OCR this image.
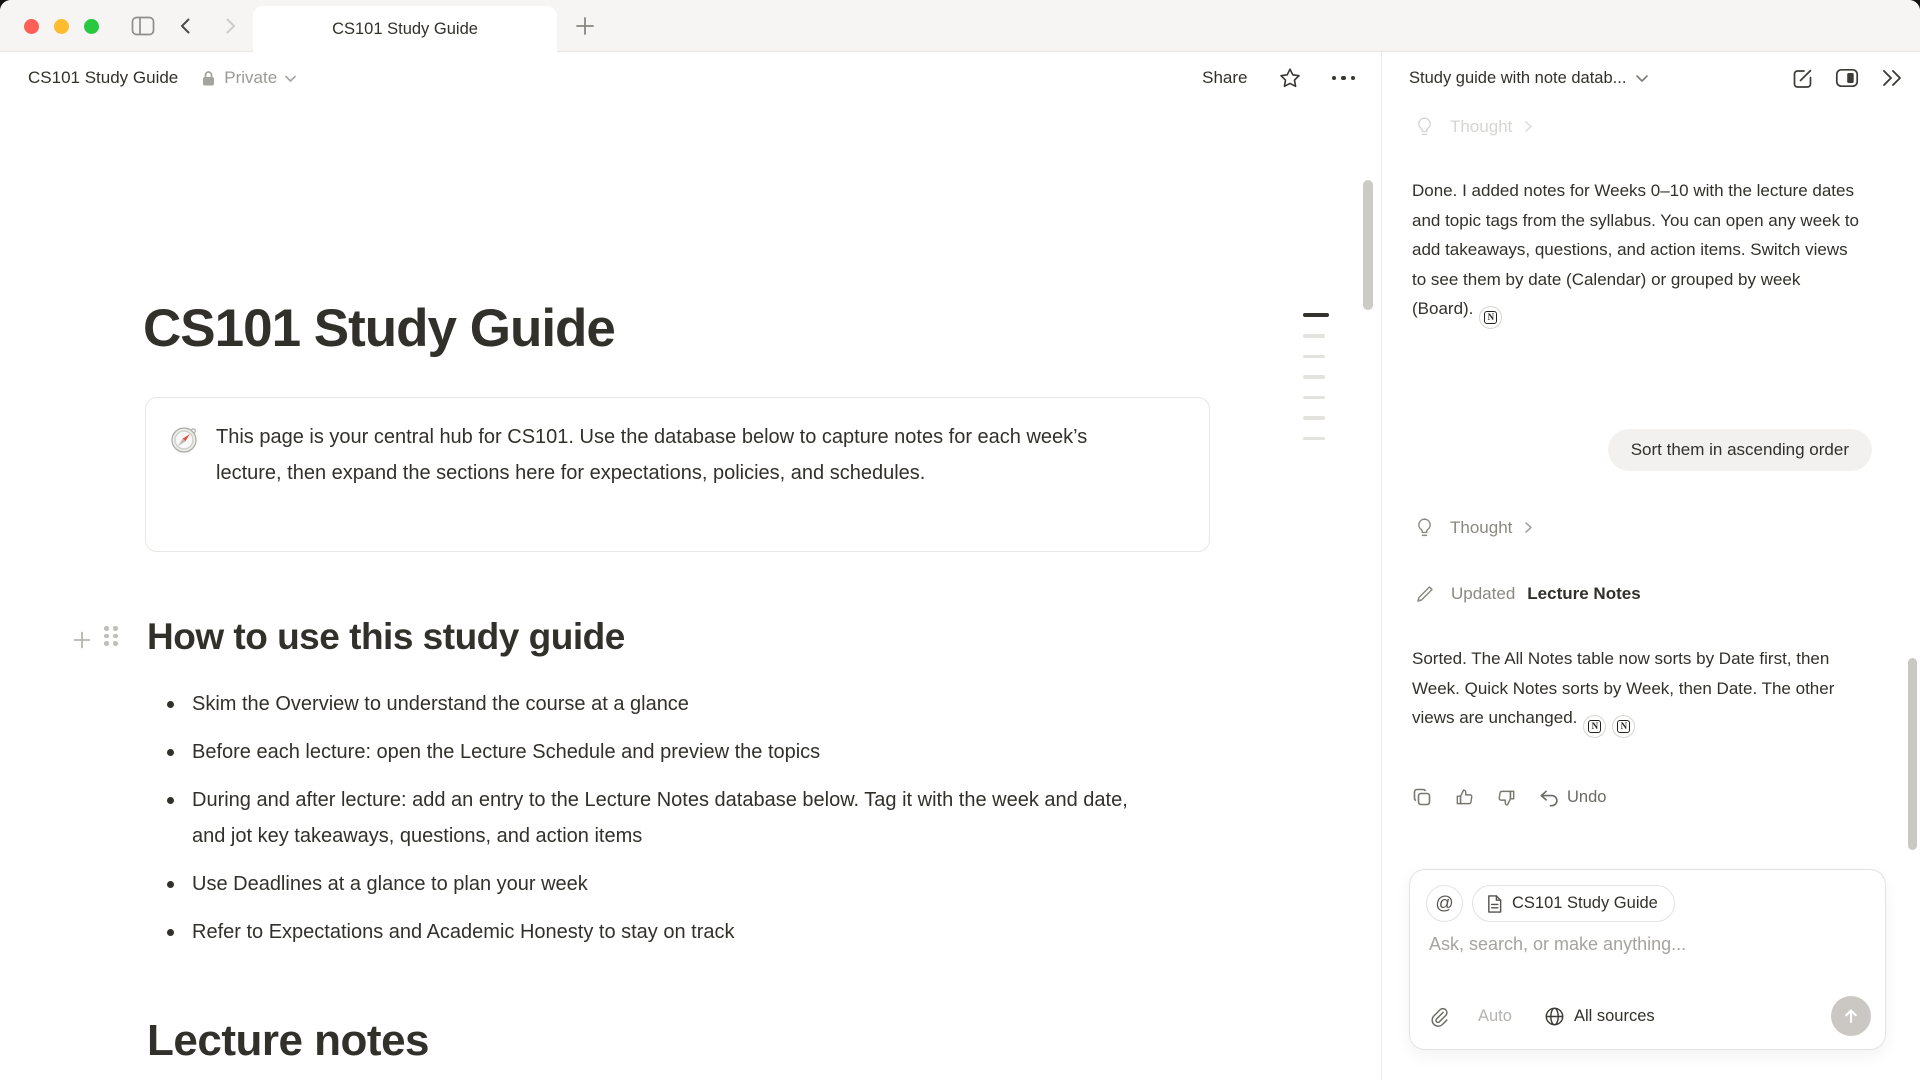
CS101 Study Guide
CS101 Study Guide	Private	Share
CS101 Study Guide
This page is your central hub for CS101. Use the database below to capture notes for each week’s lecture, then expand the sections here for expectations, policies, and schedules.
How to use this study guide
Skim the Overview to understand the course at a glance
Before each lecture: open the Lecture Schedule and preview the topics
During and after lecture: add an entry to the Lecture Notes database below. Tag it with the week and date, and jot key takeaways, questions, and action items
Use Deadlines at a glance to plan your week
Refer to Expectations and Academic Honesty to stay on track
Lecture notes
Study guide with note datab...
Thought
Done. I added notes for Weeks 0–10 with the lecture dates and topic tags from the syllabus. You can open any week to add takeaways, questions, and action items. Switch views to see them by date (Calendar) or grouped by week (Board).	N
Sort them in ascending order
Thought
Updated Lecture Notes
Sorted. The All Notes table now sorts by Date first, then Week. Quick Notes sorts by Week, then Date. The other views are unchanged.	N	N
Undo
@	CS101 Study Guide
Ask, search, or make anything...
Auto	All sources
